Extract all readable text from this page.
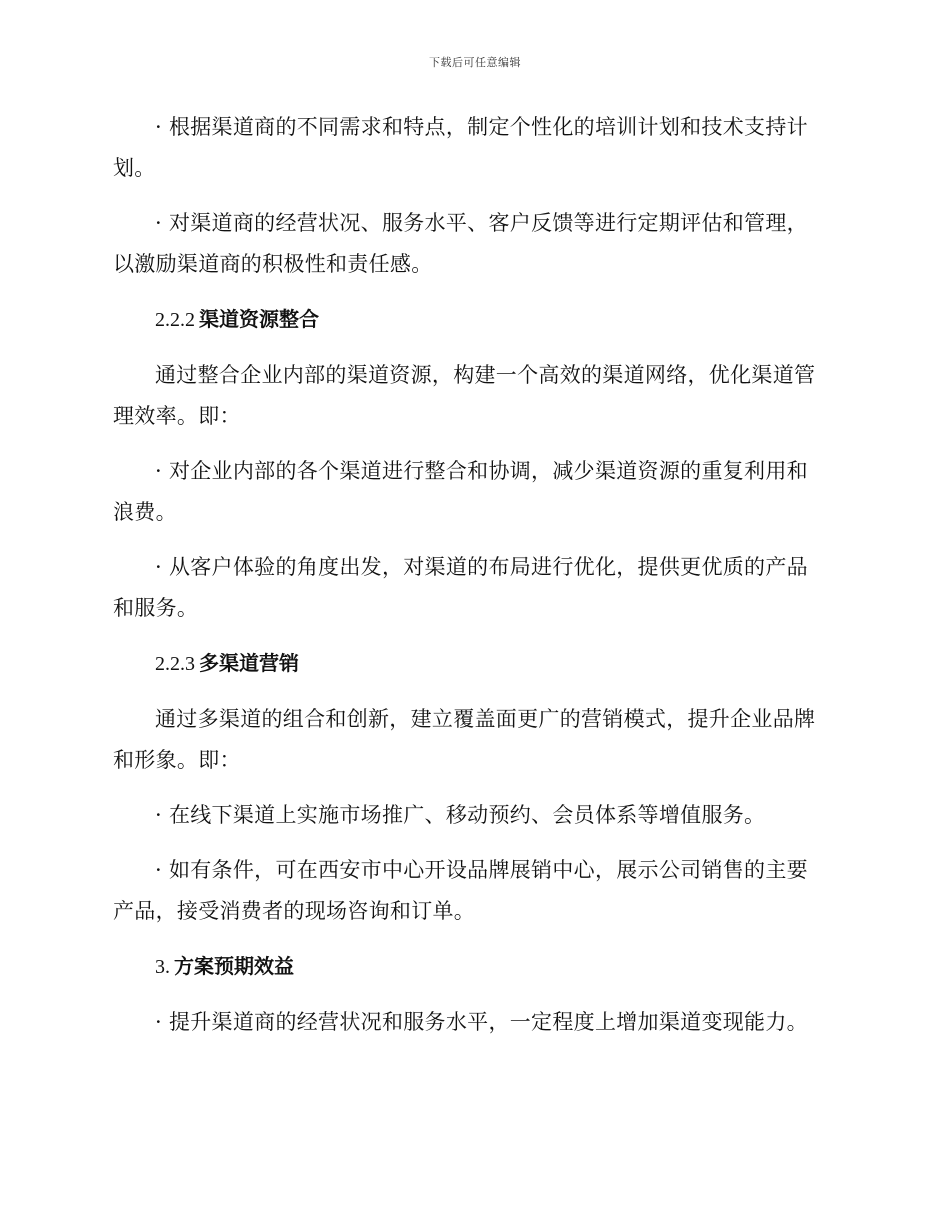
下载后可任意编辑

· 根据渠道商的不同需求和特点，制定个性化的培训计划和技术支持计划。

· 对渠道商的经营状况、服务水平、客户反馈等进行定期评估和管理，以激励渠道商的积极性和责任感。

2.2.2 渠道资源整合

通过整合企业内部的渠道资源，构建一个高效的渠道网络，优化渠道管理效率。即：

· 对企业内部的各个渠道进行整合和协调，减少渠道资源的重复利用和浪费。

· 从客户体验的角度出发，对渠道的布局进行优化，提供更优质的产品和服务。

2.2.3 多渠道营销

通过多渠道的组合和创新，建立覆盖面更广的营销模式，提升企业品牌和形象。即：

· 在线下渠道上实施市场推广、移动预约、会员体系等增值服务。

· 如有条件，可在西安市中心开设品牌展销中心，展示公司销售的主要产品，接受消费者的现场咨询和订单。

3. 方案预期效益

· 提升渠道商的经营状况和服务水平，一定程度上增加渠道变现能力。
